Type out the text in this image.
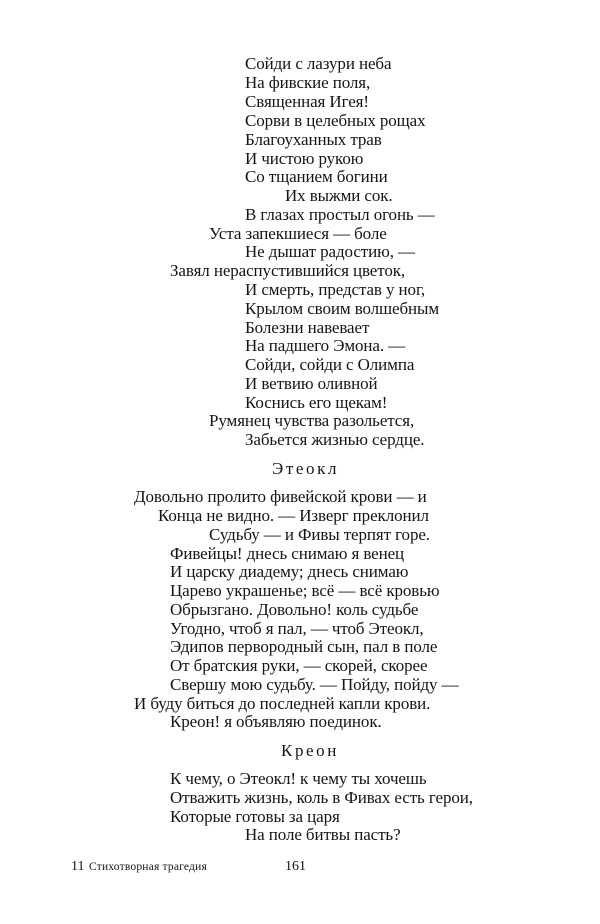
Сойди с лазури неба
На фивские поля,
Священная Игея!
Сорви в целебных рощах
Благоуханных трав
И чистою рукою
Со тщанием богини
Их выжми сок.
В глазах простыл огонь —
Уста запекшиеся — боле
Не дышат радостию, —
Завял нераспустившийся цветок,
И смерть, представ у ног,
Крылом своим волшебным
Болезни навевает
На падшего Эмона. —
Сойди, сойди с Олимпа
И ветвию оливной
Коснись его щекам!
Румянец чувства разольется,
Забьется жизнью сердце.
Этеокл
Довольно пролито фивейской крови — и
Конца не видно. — Изверг преклонил
Судьбу — и Фивы терпят горе.
Фивейцы! днесь снимаю я венец
И царску диадему; днесь снимаю
Царево украшенье; всё — всё кровью
Обрызгано. Довольно! коль судьбе
Угодно, чтоб я пал, — чтоб Этеокл,
Эдипов первородный сын, пал в поле
От братския руки, — скорей, скорее
Свершу мою судьбу. — Пойду, пойду —
И буду биться до последней капли крови.
Креон! я объявляю поединок.
Креон
К чему, о Этеокл! к чему ты хочешь
Отважить жизнь, коль в Фивах есть герои,
Которые готовы за царя
На поле битвы пасть?
11 Стихотворная трагедия	161
